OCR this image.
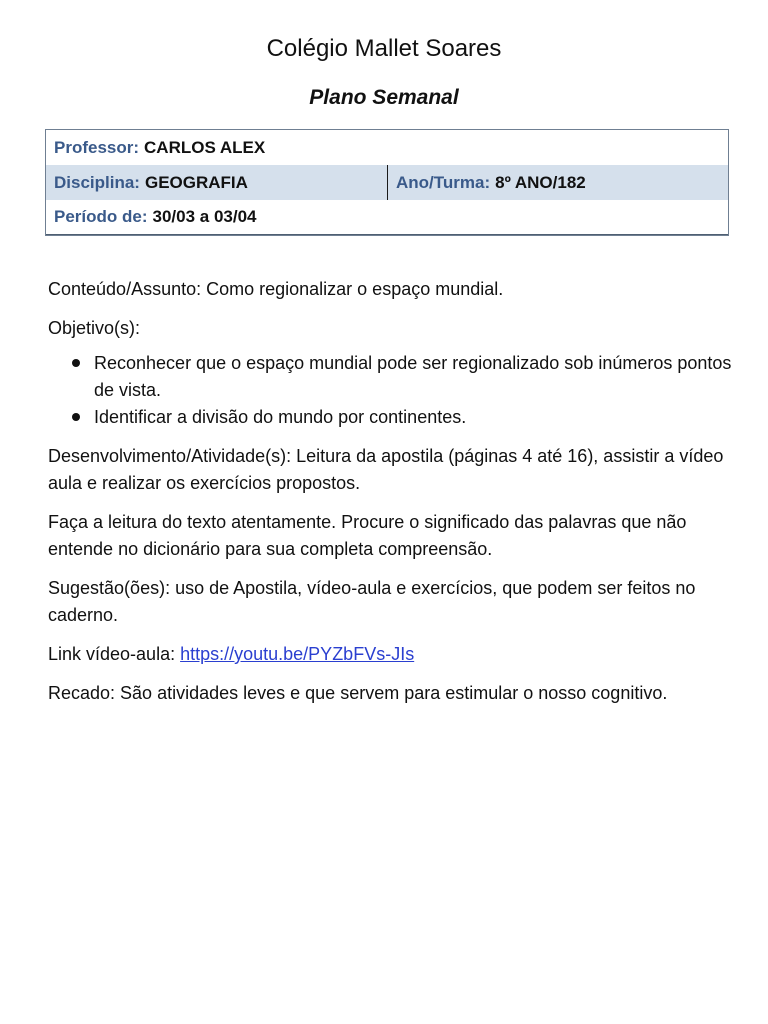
Colégio Mallet Soares
Plano Semanal
Professor: CARLOS ALEX
Disciplina: GEOGRAFIA	Ano/Turma: 8º ANO/182
Período de: 30/03 a 03/04

Conteúdo/Assunto: Como regionalizar o espaço mundial.

Objetivo(s):

Reconhecer que o espaço mundial pode ser regionalizado sob inúmeros pontos de vista.
Identificar a divisão do mundo por continentes.

Desenvolvimento/Atividade(s): Leitura da apostila (páginas 4 até 16), assistir a vídeo aula e realizar os exercícios propostos.

Faça a leitura do texto atentamente. Procure o significado das palavras que não entende no dicionário para sua completa compreensão.

Sugestão(ões): uso de Apostila, vídeo-aula e exercícios, que podem ser feitos no caderno.

Link vídeo-aula: https://youtu.be/PYZbFVs-JIs

Recado: São atividades leves e que servem para estimular o nosso cognitivo.
